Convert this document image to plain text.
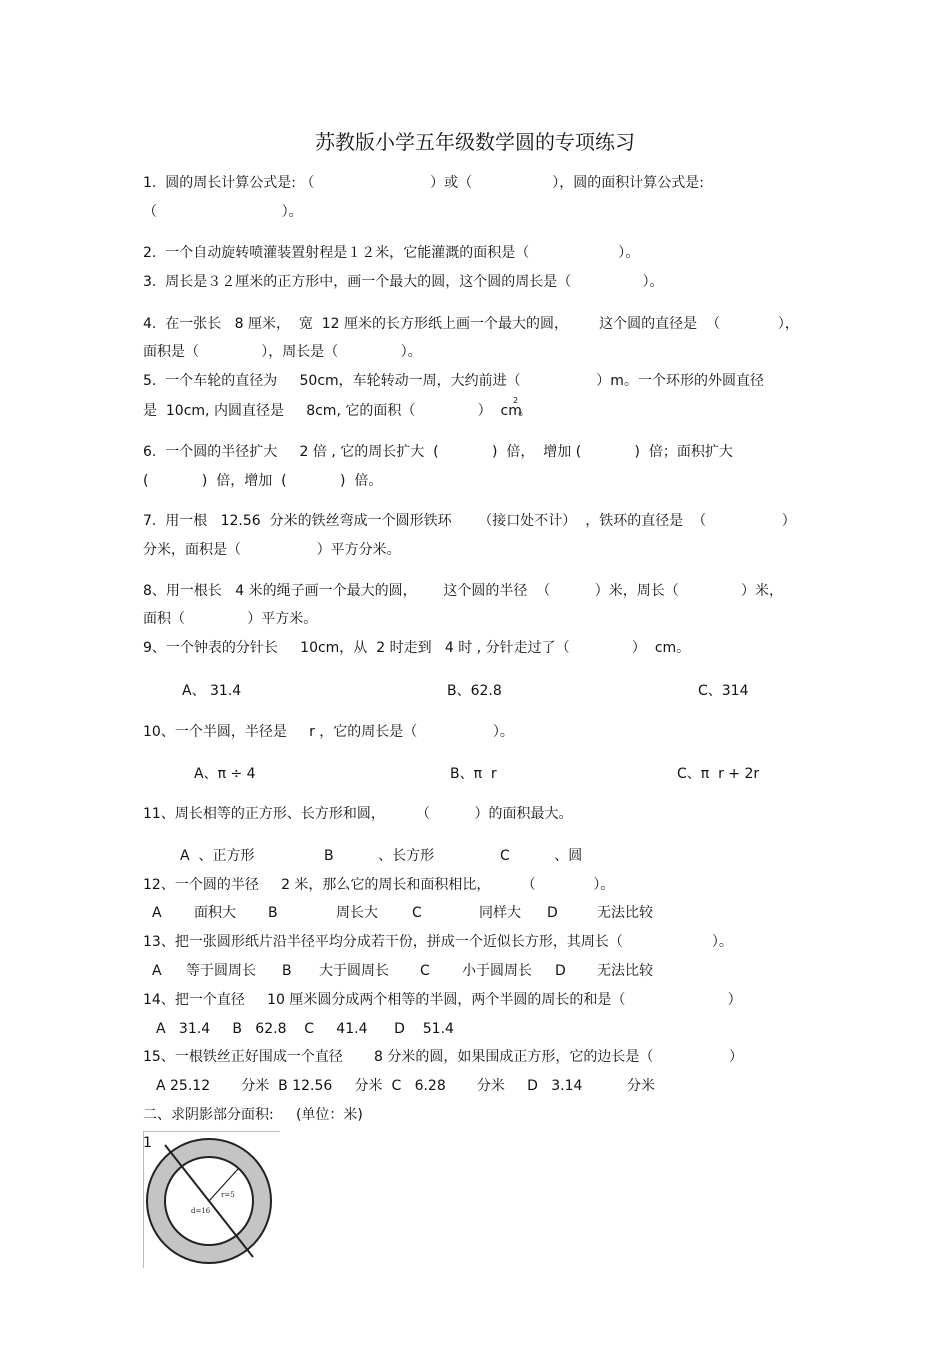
苏教版小学五年级数学圆的专项练习
1.  圆的周长计算公式是: （                          ）或（                  ），圆的面积计算公式是:
（                            ）。
2.  一个自动旋转喷灌装置射程是１２米，它能灌溉的面积是（                    ）。
3.  周长是３２厘米的正方形中，画一个最大的圆，这个圆的周长是（                ）。
4.  在一张长   8 厘米，  宽  12 厘米的长方形纸上画一个最大的圆，       这个圆的直径是  （             ），
面积是（              ），周长是（              ）。
5.  一个车轮的直径为     50cm，车轮转动一周，大约前进（                 ）m。一个环形的外圆直径
是  10cm, 内圆直径是     8cm, 它的面积（              ）  cm
2
。
6.  一个圆的半径扩大     2 倍 , 它的周长扩大  (            )  倍，  增加 (            )  倍；面积扩大
(            )  倍，增加  (            )  倍。
7.  用一根   12.56  分米的铁丝弯成一个圆形铁环      （接口处不计）  ，铁环的直径是  （                 ）
分米，面积是（                 ）平方分米。
8、用一根长   4 米的绳子画一个最大的圆，      这个圆的半径  （          ）米，周长（              ）米，
面积（              ）平方米。
9、一个钟表的分针长     10cm，从  2 时走到   4 时 , 分针走过了（              ）  cm。
A、 31.4	B、62.8	C、314
10、一个半圆，半径是     r ，它的周长是（                 ）。
A、π ÷ 4	B、π  r	C、π  r + 2r
11、周长相等的正方形、长方形和圆，       （          ）的面积最大。
A  、正方形	B          、长方形	C          、圆
12、一个圆的半径     2 米，那么它的周长和面积相比，       （             ）。
A 面积大 B	周长大 C	同样大 D	无法比较
13、把一张圆形纸片沿半径平均分成若干份，拼成一个近似长方形，其周长（                    ）。
A 等于圆周长 B 大于圆周长 C 小于圆周长 D 无法比较
14、把一个直径     10 厘米圆分成两个相等的半圆，两个半圆的周长的和是（                       ）
A   31.4     B   62.8    C     41.4      D    51.4
15、一根铁丝正好围成一个直径       8 分米的圆，如果围成正方形，它的边长是（                 ）
A 25.12       分米  B 12.56     分米  C   6.28       分米     D   3.14          分米
二、求阴影部分面积:     (单位：米)
1
d=16
r=5
